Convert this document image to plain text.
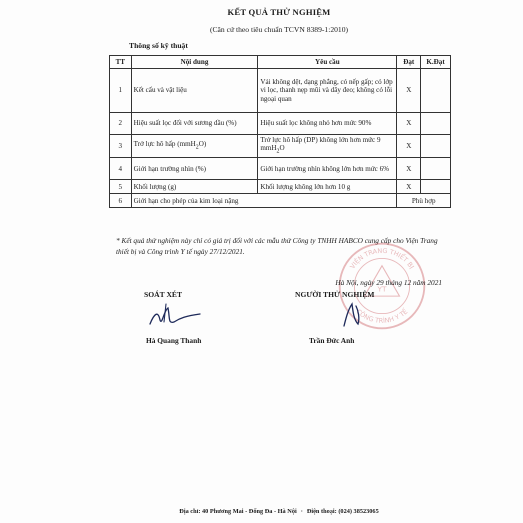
KẾT QUẢ THỬ NGHIỆM
(Căn cứ theo tiêu chuẩn TCVN 8389-1:2010)
Thông số kỹ thuật
TT	Nội dung	Yêu cầu	Đạt	K.Đạt
1	Kết cấu và vật liệu	Vải không dệt, dạng phẳng, có nếp gấp; có lớp vi lọc, thanh nẹp mũi và dây đeo; không có lỗi ngoại quan	X	
2	Hiệu suất lọc đối với sương dầu (%)	Hiệu suất lọc không nhỏ hơn mức 90%	X	
3	Trở lực hô hấp (mmH$_2$O)	Trở lực hô hấp (DP) không lớn hơn mức 9 mmH$_2$O	X	
4	Giới hạn trường nhìn (%)	Giới hạn trường nhìn không lớn hơn mức 6%	X	
5	Khối lượng (g)	Khối lượng không lớn hơn 10 g	X	
6	Giới hạn cho phép của kim loại nặng		Phù hợp	
* Kết quả thử nghiệm này chỉ có giá trị đối với các mẫu thử Công ty TNHH HABCO cung cấp cho Viện Trang thiết bị và Công trình Y tế ngày 27/12/2021.
VIỆN TRANG THIẾT BỊ
CÔNG TRÌNH Y TẾ
YT
Hà Nội, ngày 29 tháng 12 năm 2021
SOÁT XÉT	NGƯỜI THỬ NGHIỆM
Hà Quang Thanh	Trần Đức Anh
Địa chỉ: 40 Phương Mai - Đống Đa - Hà Nội · Điện thoại: (024) 38523065
